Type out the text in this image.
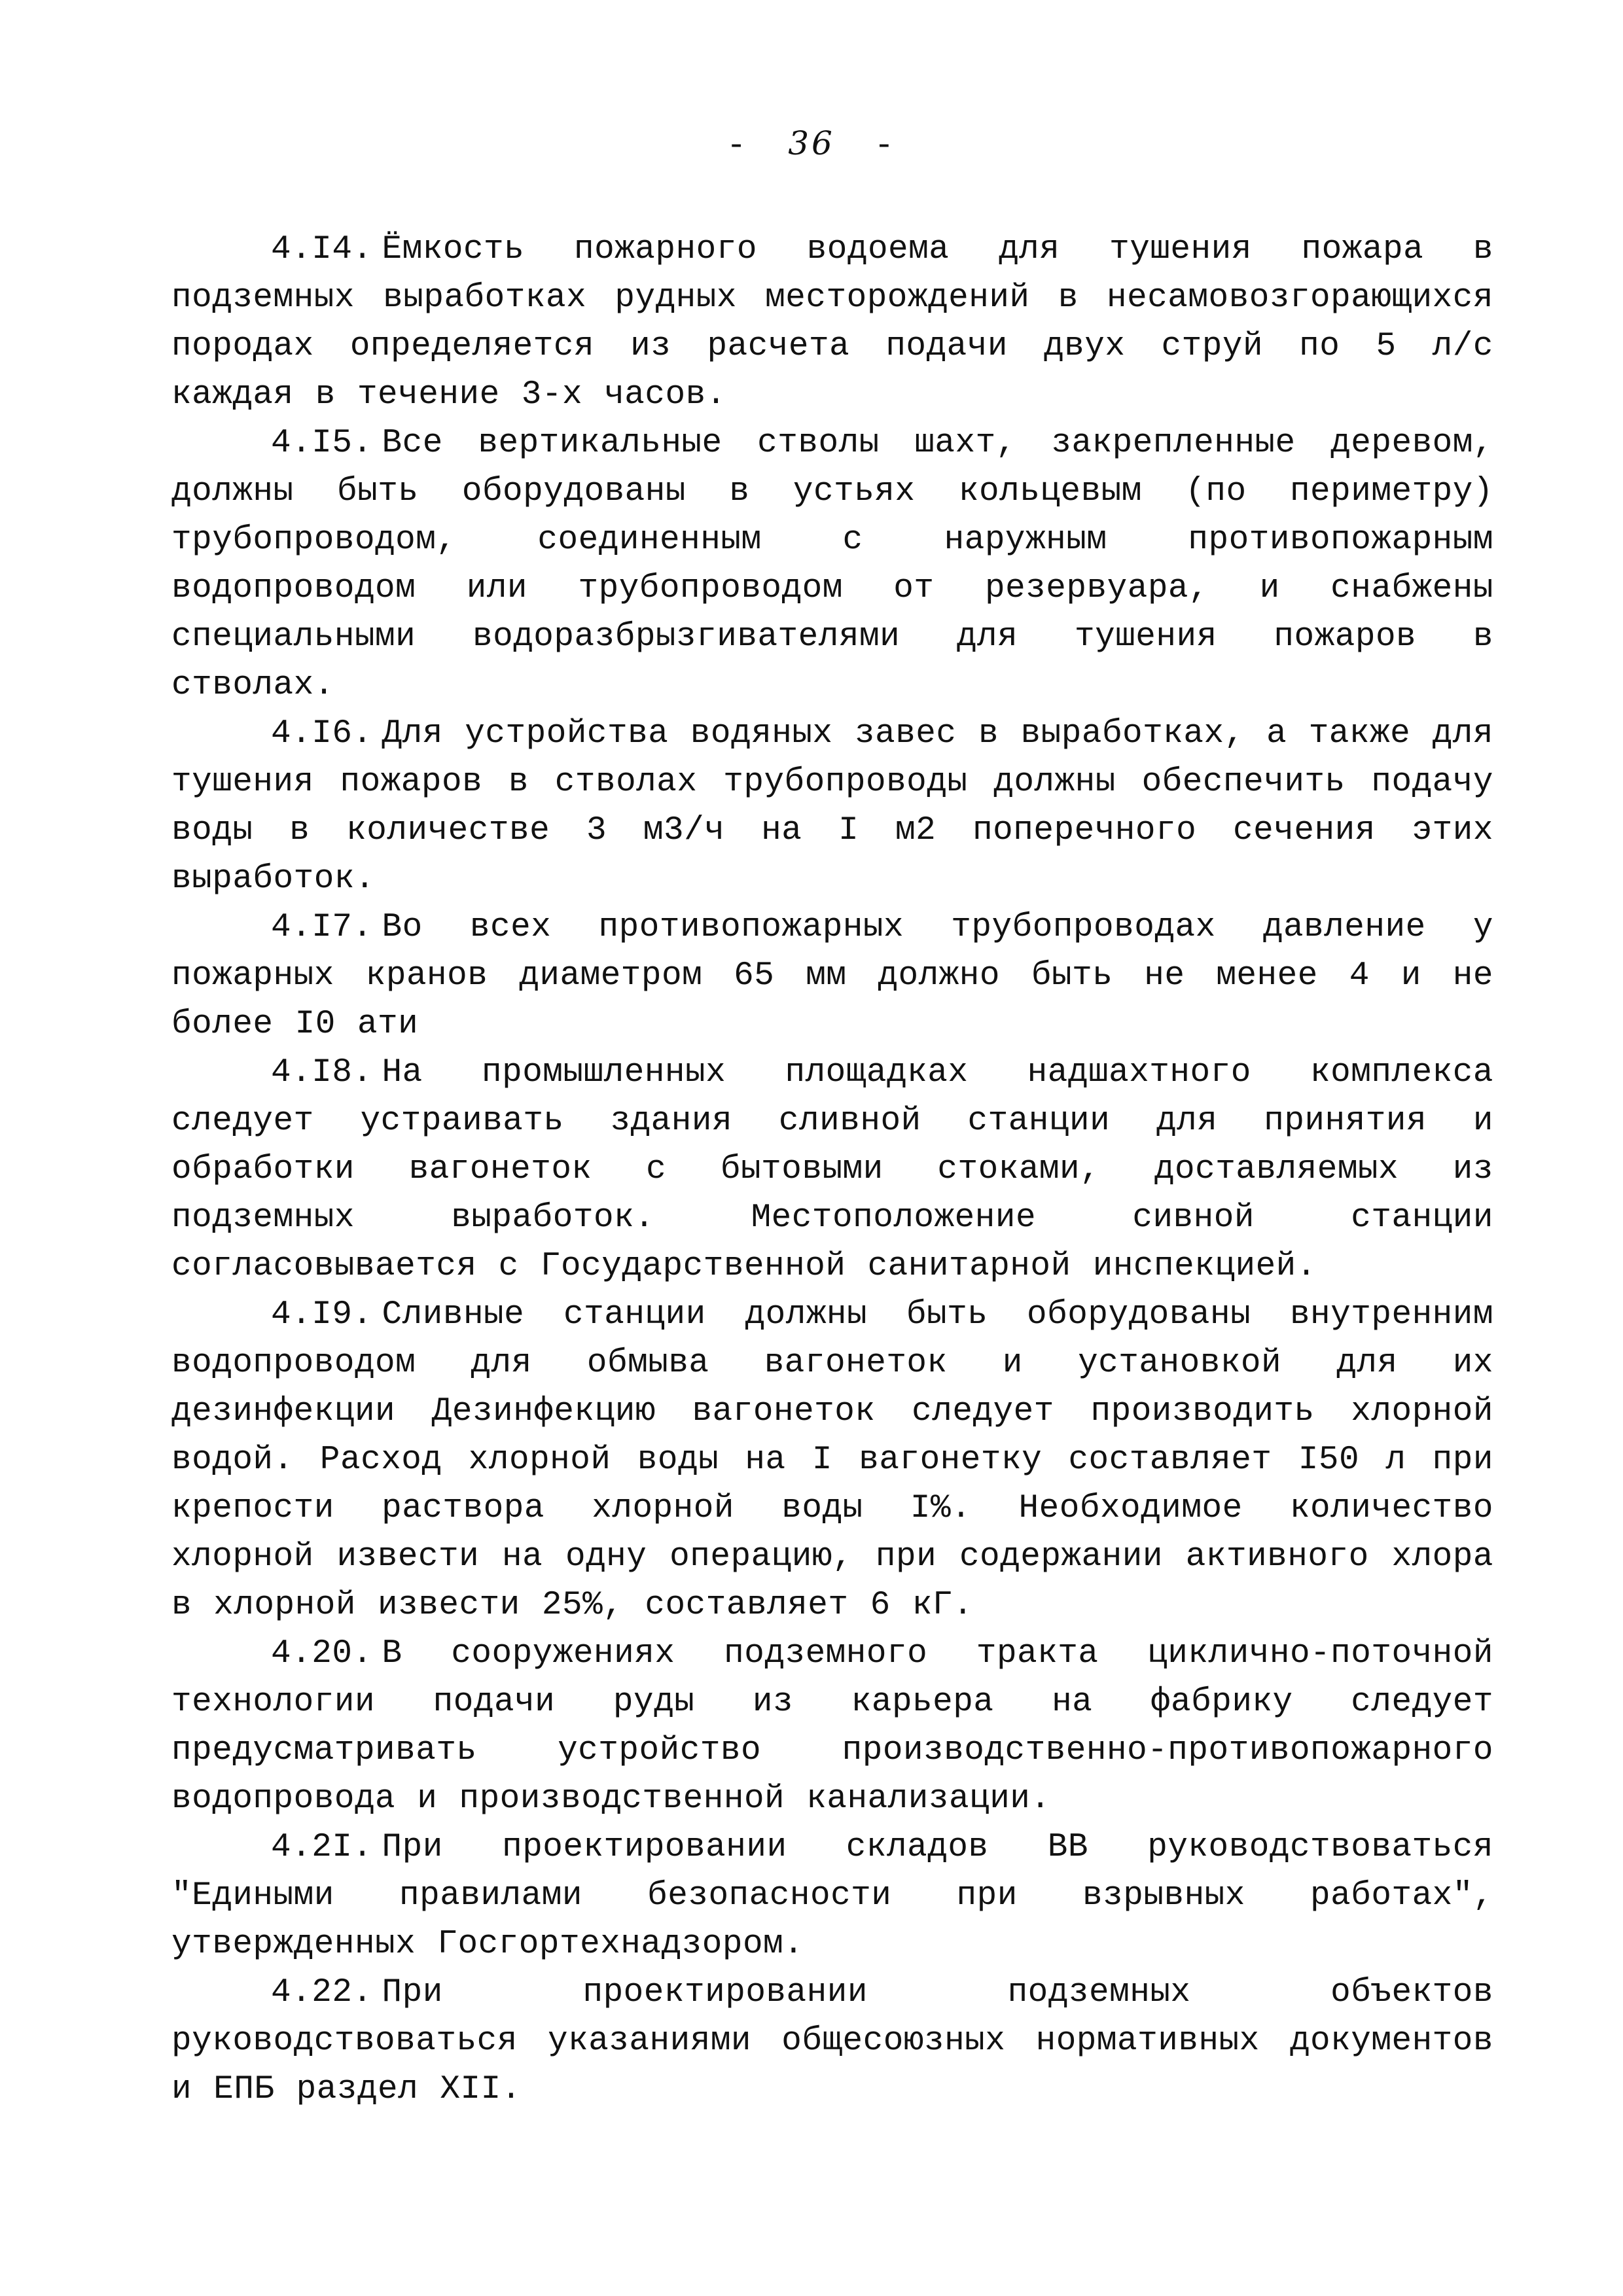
- 36 -

4.I4. Ёмкость пожарного водоема для тушения пожара в подземных выработках рудных месторождений в несамовозгорающихся породах определяется из расчета подачи двух струй по 5 л/с каждая в течение 3-х часов.

4.I5. Все вертикальные стволы шахт, закрепленные деревом, должны быть оборудованы в устьях кольцевым (по периметру) трубопроводом, соединенным с наружным противопожарным водопроводом или трубопроводом от резервуара, и снабжены специальными водоразбрызгивателями для тушения пожаров в стволах.

4.I6. Для устройства водяных завес в выработках, а также для тушения пожаров в стволах трубопроводы должны обеспечить подачу воды в количестве 3 м3/ч на I м2 поперечного сечения этих выработок.

4.I7. Во всех противопожарных трубопроводах давление у пожарных кранов диаметром 65 мм должно быть не менее 4 и не более I0 ати

4.I8. На промышленных площадках надшахтного комплекса следует устраивать здания сливной станции для принятия и обработки вагонеток с бытовыми стоками, доставляемых из подземных выработок. Местоположение сивной станции согласовывается с Государственной санитарной инспекцией.

4.I9. Сливные станции должны быть оборудованы внутренним водопроводом для обмыва вагонеток и установкой для их дезинфекции Дезинфекцию вагонеток следует производить хлорной водой. Расход хлорной воды на I вагонетку составляет I50 л при крепости раствора хлорной воды I%. Необходимое количество хлорной извести на одну операцию, при содержании активного хлора в хлорной извести 25%, составляет 6 кГ.

4.20. В сооружениях подземного тракта циклично-поточной технологии подачи руды из карьера на фабрику следует предусматривать устройство производственно-противопожарного водопровода и производственной канализации.

4.2I. При проектировании складов ВВ руководствоваться "Едиными правилами безопасности при взрывных работах", утвержденных Госгортехнадзором.

4.22. При проектировании подземных объектов руководствоваться указаниями общесоюзных нормативных документов и ЕПБ раздел XII.
